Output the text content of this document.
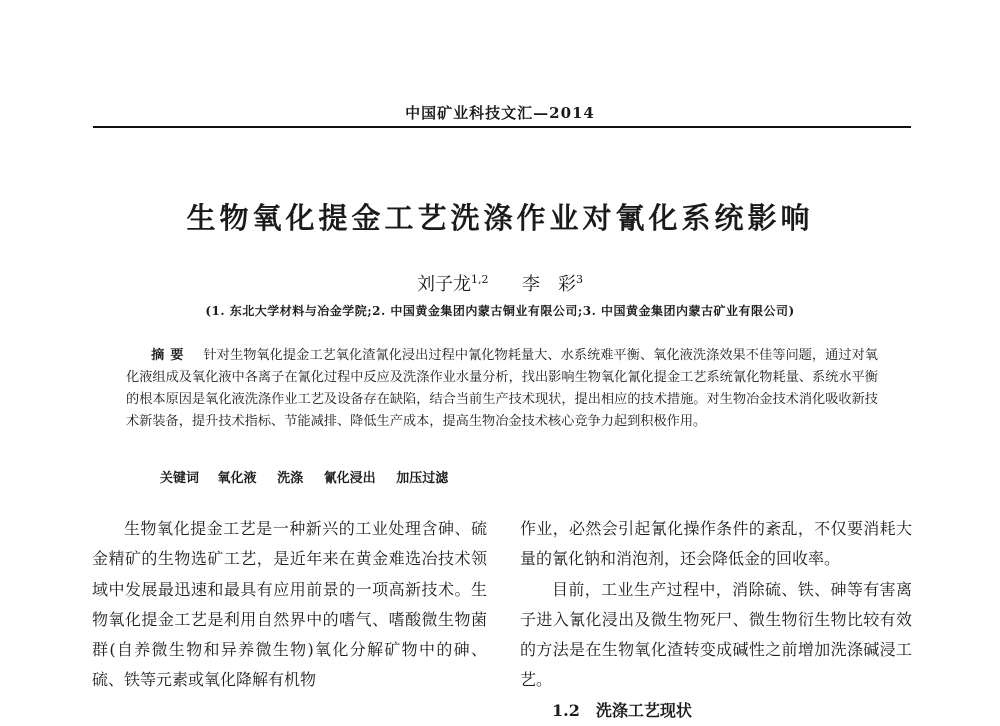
中国矿业科技文汇—2014
生物氧化提金工艺洗涤作业对氰化系统影响
刘子龙$^{1,2}$ 李　彩$^3$
(1. 东北大学材料与冶金学院;2. 中国黄金集团内蒙古铜业有限公司;3. 中国黄金集团内蒙古矿业有限公司)
摘要 针对生物氧化提金工艺氧化渣氰化浸出过程中氰化物耗量大、水系统难平衡、氧化液洗涤效果不佳等问题，通过对氧化液组成及氧化液中各离子在氰化过程中反应及洗涤作业水量分析，找出影响生物氧化氰化提金工艺系统氰化物耗量、系统水平衡的根本原因是氧化液洗涤作业工艺及设备存在缺陷，结合当前生产技术现状，提出相应的技术措施。对生物冶金技术消化吸收新技术新装备，提升技术指标、节能减排、降低生产成本，提高生物冶金技术核心竞争力起到积极作用。
关键词 氧化液 洗涤 氰化浸出 加压过滤

生物氧化提金工艺是一种新兴的工业处理含砷、硫金精矿的生物选矿工艺，是近年来在黄金难选冶技术领域中发展最迅速和最具有应用前景的一项高新技术。生物氧化提金工艺是利用自然界中的嗜气、嗜酸微生物菌群(自养微生物和异养微生物)氧化分解矿物中的砷、硫、铁等元素或氧化降解有机物

作业，必然会引起氰化操作条件的紊乱，不仅要消耗大量的氰化钠和消泡剂，还会降低金的回收率。

目前，工业生产过程中，消除硫、铁、砷等有害离子进入氰化浸出及微生物死尸、微生物衍生物比较有效的方法是在生物氧化渣转变成碱性之前增加洗涤碱浸工艺。

1.2　洗涤工艺现状
